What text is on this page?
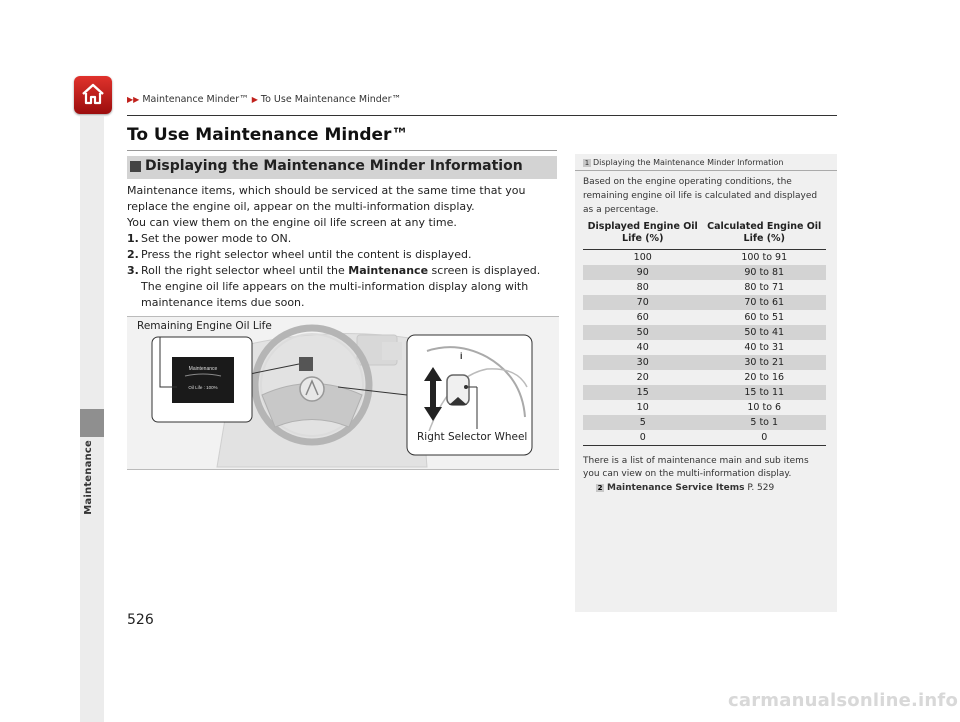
▶▶ Maintenance Minder™ ▶ To Use Maintenance Minder™
Maintenance
To Use Maintenance Minder™
Displaying the Maintenance Minder Information

Maintenance items, which should be serviced at the same time that you replace the engine oil, appear on the multi-information display.

You can view them on the engine oil life screen at any time.

1. Set the power mode to ON.
2. Press the right selector wheel until the content is displayed.
3. Roll the right selector wheel until the Maintenance screen is displayed. The engine oil life appears on the multi-information display along with maintenance items due soon.
Maintenance
Oil Life : 100%
i
Remaining Engine Oil Life
Right Selector Wheel
1 Displaying the Maintenance Minder Information
Based on the engine operating conditions, the remaining engine oil life is calculated and displayed as a percentage.
Displayed Engine Oil Life (%)	Calculated Engine Oil Life (%)
100	100 to 91
90	90 to 81
80	80 to 71
70	70 to 61
60	60 to 51
50	50 to 41
40	40 to 31
30	30 to 21
20	20 to 16
15	15 to 11
10	10 to 6
5	5 to 1
0	0
There is a list of maintenance main and sub items you can view on the multi-information display.
2 Maintenance Service Items P. 529
526
carmanualsonline.info
